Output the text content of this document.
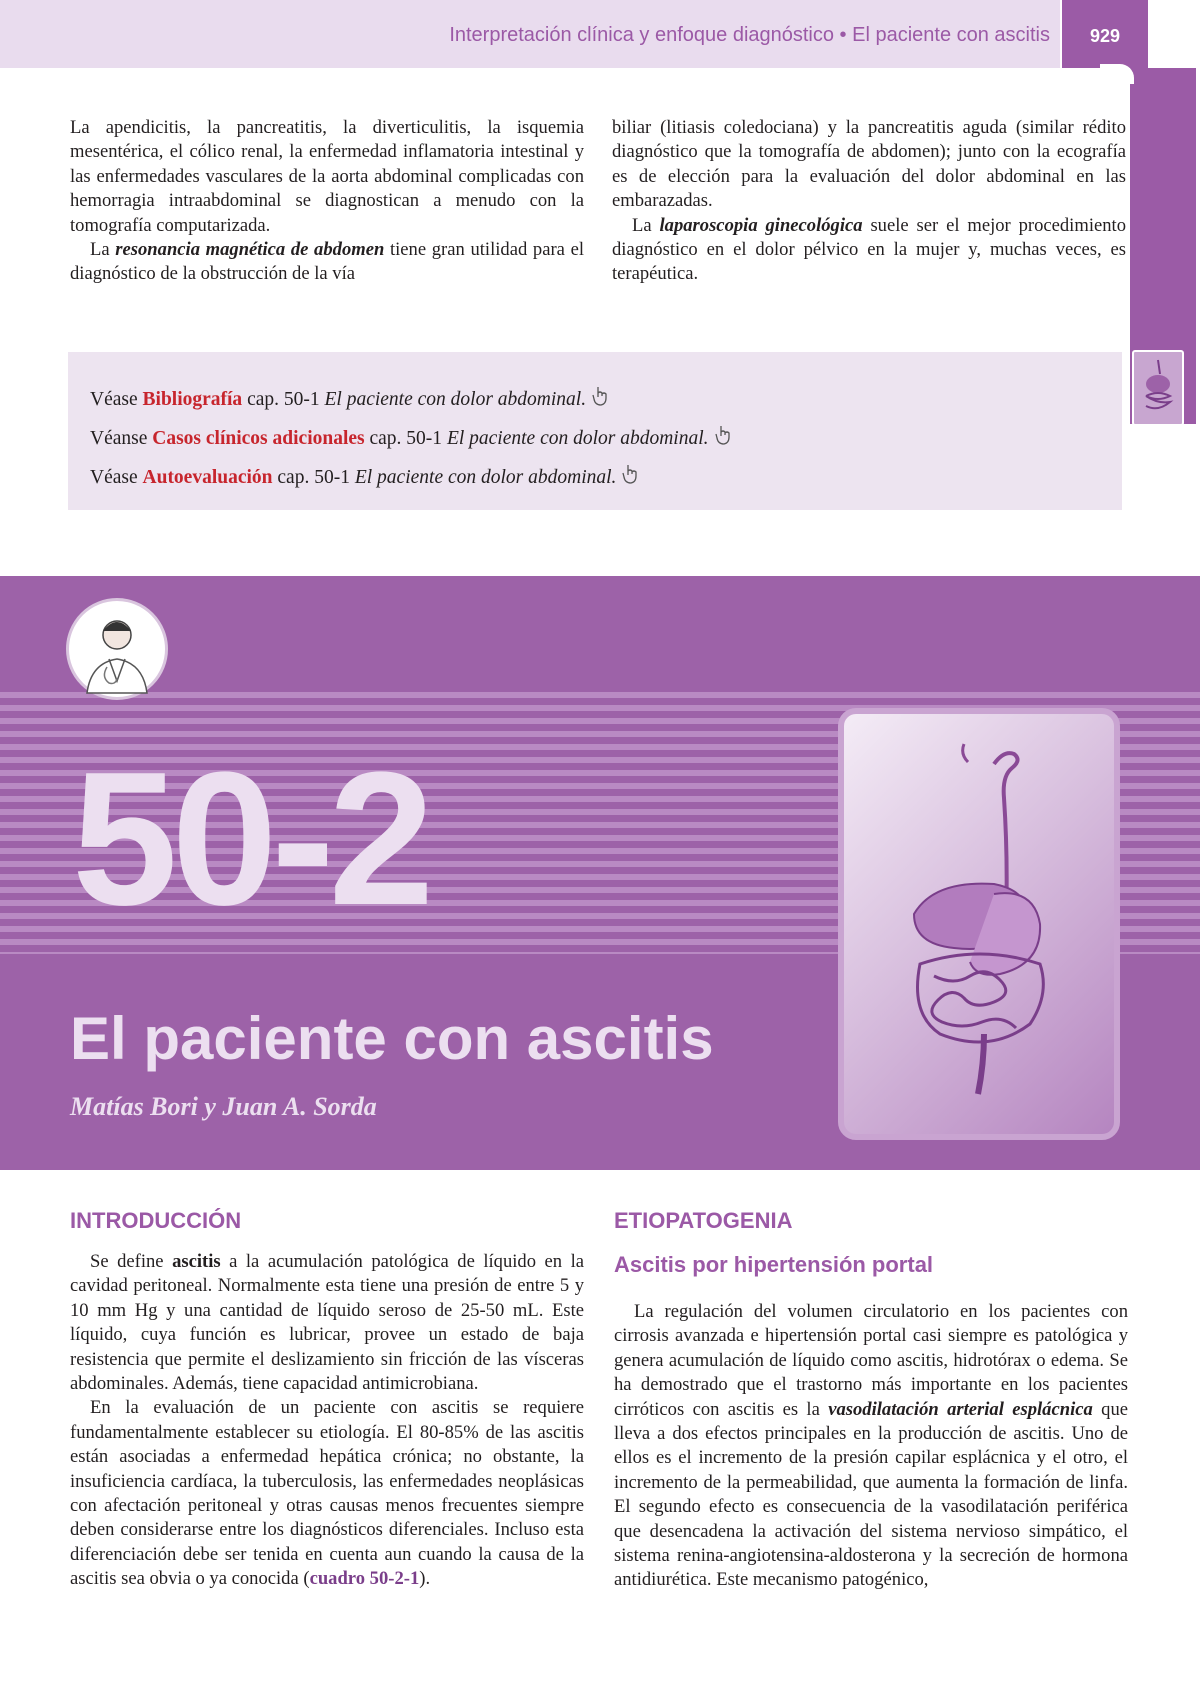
Interpretación clínica y enfoque diagnóstico • El paciente con ascitis	929

La apendicitis, la pancreatitis, la diverticulitis, la isquemia mesentérica, el cólico renal, la enfermedad inflamatoria intestinal y las enfermedades vasculares de la aorta abdominal complicadas con hemorragia intraabdominal se diagnostican a menudo con la tomografía computarizada.

La resonancia magnética de abdomen tiene gran utilidad para el diagnóstico de la obstrucción de la vía

biliar (litiasis coledociana) y la pancreatitis aguda (similar rédito diagnóstico que la tomografía de abdomen); junto con la ecografía es de elección para la evaluación del dolor abdominal en las embarazadas.

La laparoscopia ginecológica suele ser el mejor procedimiento diagnóstico en el dolor pélvico en la mujer y, muchas veces, es terapéutica.

Véase Bibliografía cap. 50-1 El paciente con dolor abdominal.
Véanse Casos clínicos adicionales cap. 50-1 El paciente con dolor abdominal.
Véase Autoevaluación cap. 50-1 El paciente con dolor abdominal.
50-2
El paciente con ascitis
Matías Bori y Juan A. Sorda
INTRODUCCIÓN	ETIOPATOGENIA
Ascitis por hipertensión portal

Se define ascitis a la acumulación patológica de líquido en la cavidad peritoneal. Normalmente esta tiene una presión de entre 5 y 10 mm Hg y una cantidad de líquido seroso de 25-50 mL. Este líquido, cuya función es lubricar, provee un estado de baja resistencia que permite el deslizamiento sin fricción de las vísceras abdominales. Además, tiene capacidad antimicrobiana.

En la evaluación de un paciente con ascitis se requiere fundamentalmente establecer su etiología. El 80-85% de las ascitis están asociadas a enfermedad hepática crónica; no obstante, la insuficiencia cardíaca, la tuberculosis, las enfermedades neoplásicas con afectación peritoneal y otras causas menos frecuentes siempre deben considerarse entre los diagnósticos diferenciales. Incluso esta diferenciación debe ser tenida en cuenta aun cuando la causa de la ascitis sea obvia o ya conocida (cuadro 50-2-1).

La regulación del volumen circulatorio en los pacientes con cirrosis avanzada e hipertensión portal casi siempre es patológica y genera acumulación de líquido como ascitis, hidrotórax o edema. Se ha demostrado que el trastorno más importante en los pacientes cirróticos con ascitis es la vasodilatación arterial esplácnica que lleva a dos efectos principales en la producción de ascitis. Uno de ellos es el incremento de la presión capilar esplácnica y el otro, el incremento de la permeabilidad, que aumenta la formación de linfa. El segundo efecto es consecuencia de la vasodilatación periférica que desencadena la activación del sistema nervioso simpático, el sistema renina-angiotensina-aldosterona y la secreción de hormona antidiurética. Este mecanismo patogénico,
